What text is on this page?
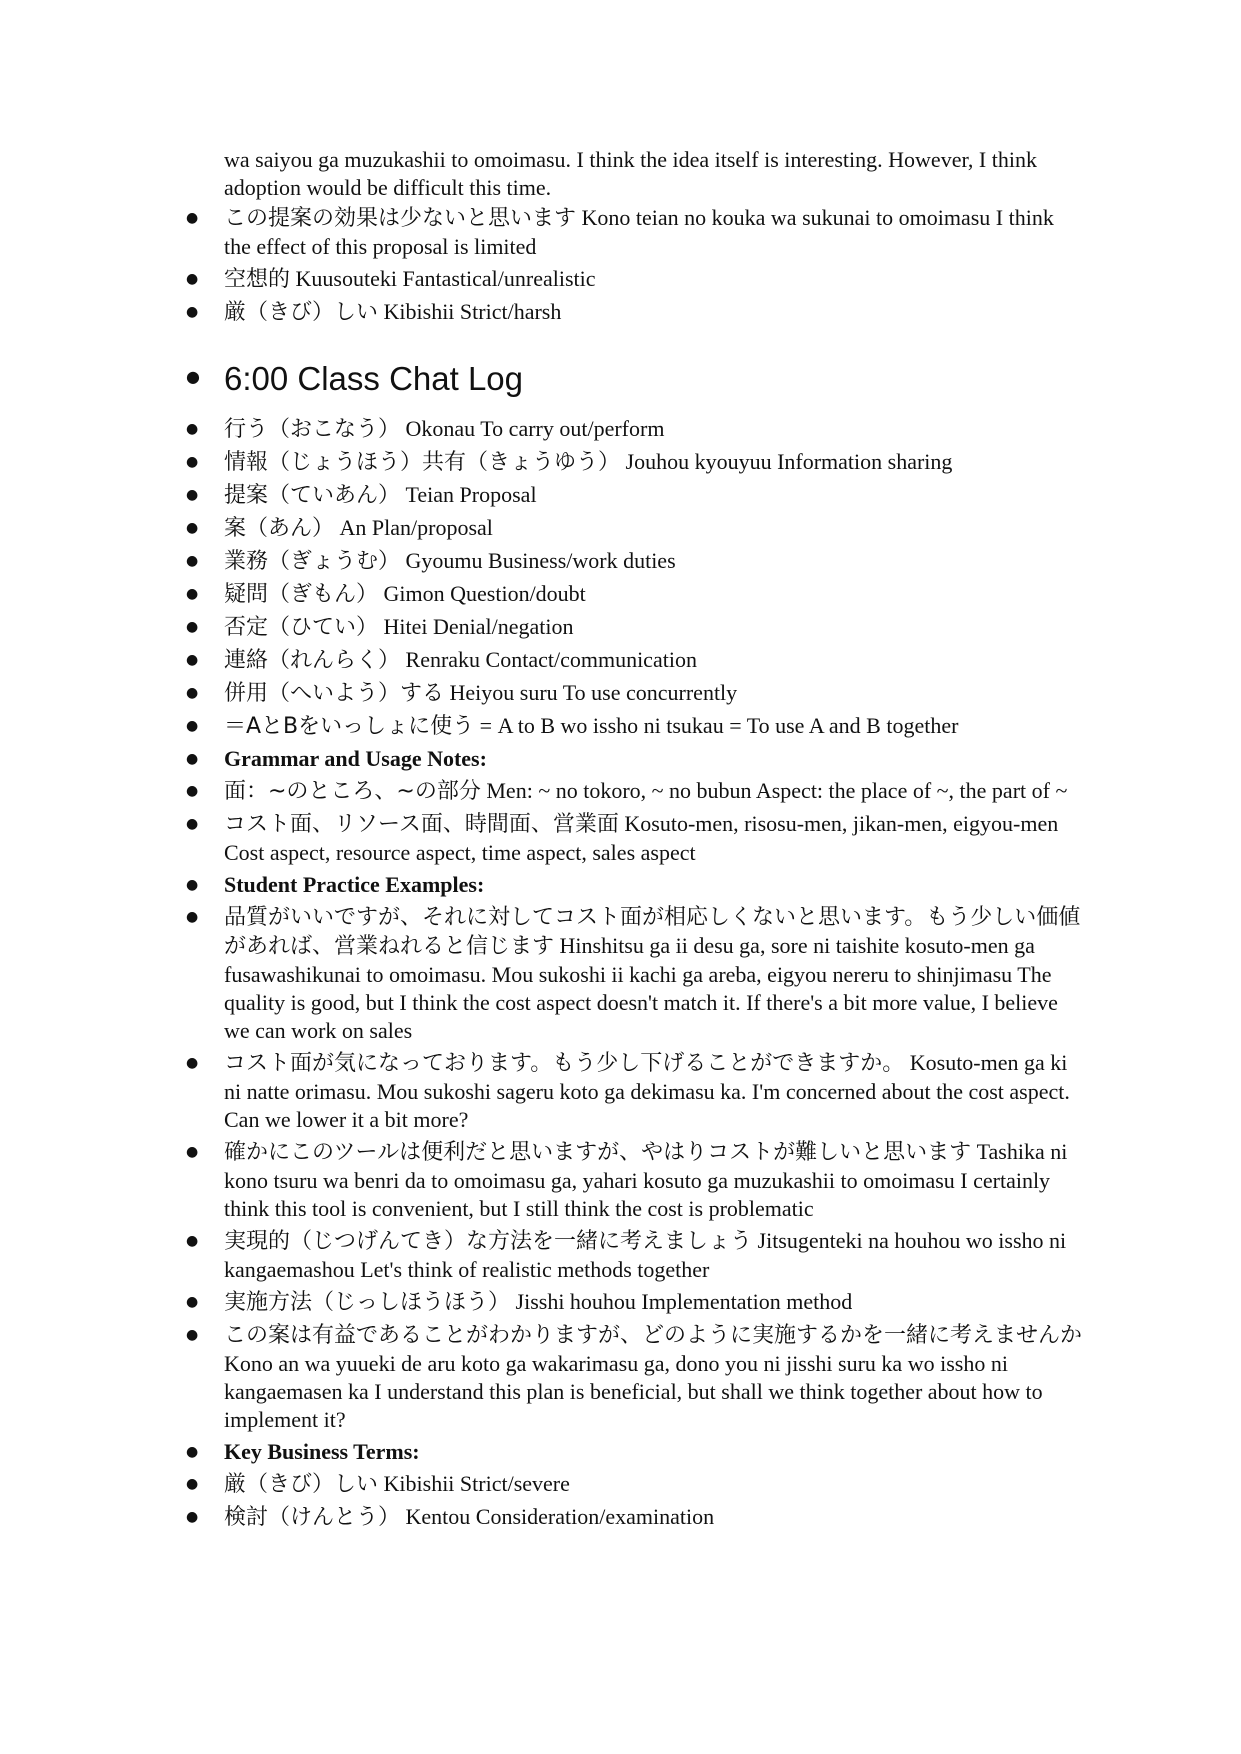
wa saiyou ga muzukashii to omoimasu. I think the idea itself is interesting. However, I think adoption would be difficult this time.

● この提案の効果は少ないと思います Kono teian no kouka wa sukunai to omoimasu I think the effect of this proposal is limited
● 空想的 Kuusouteki Fantastical/unrealistic
● 厳（きび）しい Kibishii Strict/harsh
● 6:00 Class Chat Log
● 行う（おこなう） Okonau To carry out/perform
● 情報（じょうほう）共有（きょうゆう） Jouhou kyouyuu Information sharing
● 提案（ていあん） Teian Proposal
● 案（あん） An Plan/proposal
● 業務（ぎょうむ） Gyoumu Business/work duties
● 疑問（ぎもん） Gimon Question/doubt
● 否定（ひてい） Hitei Denial/negation
● 連絡（れんらく） Renraku Contact/communication
● 併用（へいよう）する Heiyou suru To use concurrently
● ＝AとBをいっしょに使う = A to B wo issho ni tsukau = To use A and B together
● Grammar and Usage Notes:
● 面：~のところ、~の部分 Men: ~ no tokoro, ~ no bubun Aspect: the place of ~, the part of ~
● コスト面、リソース面、時間面、営業面 Kosuto-men, risosu-men, jikan-men, eigyou-men Cost aspect, resource aspect, time aspect, sales aspect
● Student Practice Examples:
● 品質がいいですが、それに対してコスト面が相応しくないと思います。もう少しい価値があれば、営業ねれると信じます Hinshitsu ga ii desu ga, sore ni taishite kosuto-men ga fusawashikunai to omoimasu. Mou sukoshi ii kachi ga areba, eigyou nereru to shinjimasu The quality is good, but I think the cost aspect doesn't match it. If there's a bit more value, I believe we can work on sales
● コスト面が気になっております。もう少し下げることができますか。 Kosuto-men ga ki ni natte orimasu. Mou sukoshi sageru koto ga dekimasu ka. I'm concerned about the cost aspect. Can we lower it a bit more?
● 確かにこのツールは便利だと思いますが、やはりコストが難しいと思います Tashika ni kono tsuru wa benri da to omoimasu ga, yahari kosuto ga muzukashii to omoimasu I certainly think this tool is convenient, but I still think the cost is problematic
● 実現的（じつげんてき）な方法を一緒に考えましょう Jitsugenteki na houhou wo issho ni kangaemashou Let's think of realistic methods together
● 実施方法（じっしほうほう） Jisshi houhou Implementation method
● この案は有益であることがわかりますが、どのように実施するかを一緒に考えませんか Kono an wa yuueki de aru koto ga wakarimasu ga, dono you ni jisshi suru ka wo issho ni kangaemasen ka I understand this plan is beneficial, but shall we think together about how to implement it?
● Key Business Terms:
● 厳（きび）しい Kibishii Strict/severe
● 検討（けんとう） Kentou Consideration/examination
